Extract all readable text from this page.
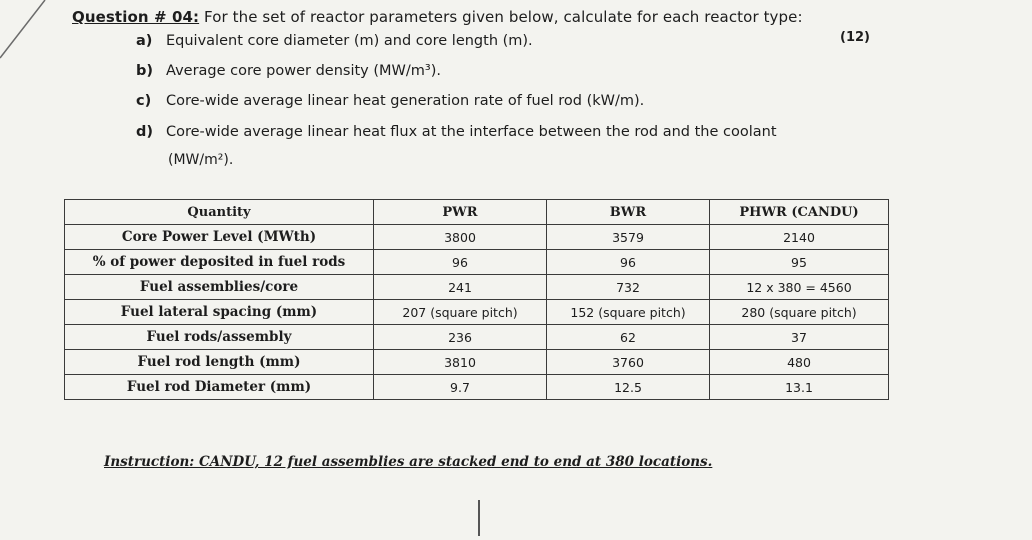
Question # 04: For the set of reactor parameters given below, calculate for each reactor type:
(12)
a) Equivalent core diameter (m) and core length (m).
b) Average core power density (MW/m³).
c) Core-wide average linear heat generation rate of fuel rod (kW/m).
d) Core-wide average linear heat flux at the interface between the rod and the coolant
(MW/m²).
Quantity	PWR	BWR	PHWR (CANDU)
Core Power Level (MWth)	3800	3579	2140
% of power deposited in fuel rods	96	96	95
Fuel assemblies/core	241	732	12 x 380 = 4560
Fuel lateral spacing (mm)	207 (square pitch)	152 (square pitch)	280 (square pitch)
Fuel rods/assembly	236	62	37
Fuel rod length (mm)	3810	3760	480
Fuel rod Diameter (mm)	9.7	12.5	13.1
Instruction: CANDU, 12 fuel assemblies are stacked end to end at 380 locations.
